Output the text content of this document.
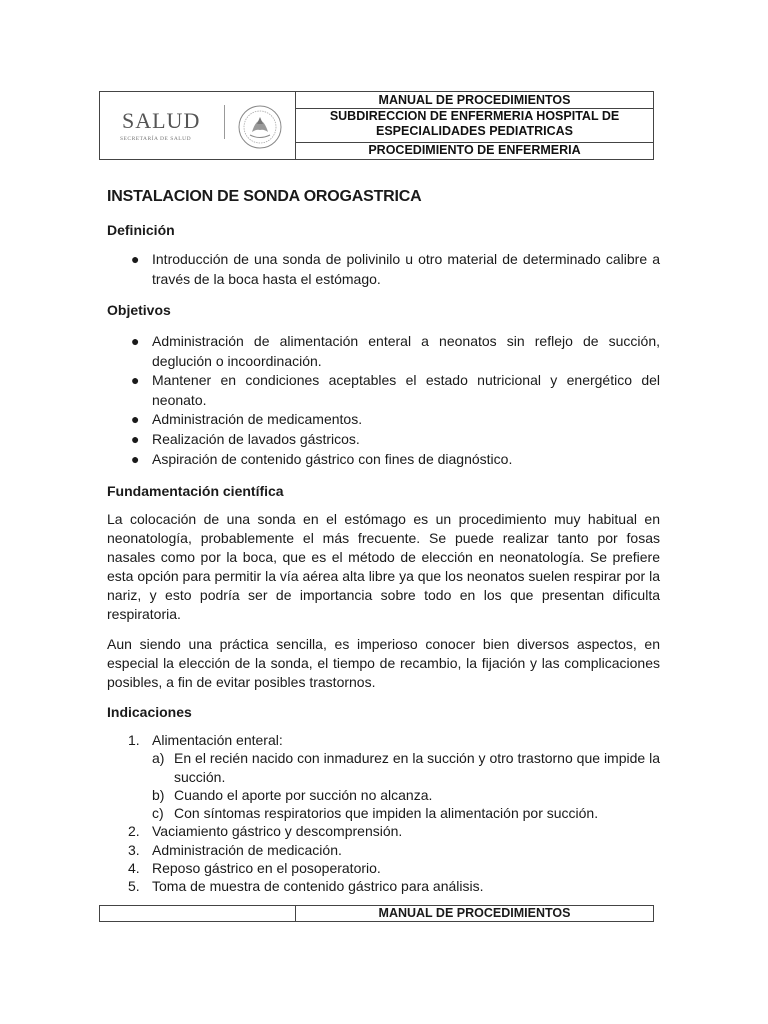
SALUD
SECRETARÍA DE SALUD
MANUAL DE PROCEDIMIENTOS
SUBDIRECCION DE ENFERMERIA HOSPITAL DE
ESPECIALIDADES PEDIATRICAS
PROCEDIMIENTO DE ENFERMERIA
INSTALACION DE SONDA OROGASTRICA
Definición
● Introducción de una sonda de polivinilo u otro material de determinado calibre a través de la boca hasta el estómago.
Objetivos
● Administración de alimentación enteral a neonatos sin reflejo de succión, deglución o incoordinación.
● Mantener en condiciones aceptables el estado nutricional y energético del neonato.
● Administración de medicamentos.
● Realización de lavados gástricos.
● Aspiración de contenido gástrico con fines de diagnóstico.
Fundamentación científica
La colocación de una sonda en el estómago es un procedimiento muy habitual en neonatología, probablemente el más frecuente. Se puede realizar tanto por fosas nasales como por la boca, que es el método de elección en neonatología. Se prefiere esta opción para permitir la vía aérea alta libre ya que los neonatos suelen respirar por la nariz, y esto podría ser de importancia sobre todo en los que presentan dificulta respiratoria.
Aun siendo una práctica sencilla, es imperioso conocer bien diversos aspectos, en especial la elección de la sonda, el tiempo de recambio, la fijación y las complicaciones posibles, a fin de evitar posibles trastornos.
Indicaciones
1. Alimentación enteral:
a) En el recién nacido con inmadurez en la succión y otro trastorno que impide la succión.
b) Cuando el aporte por succión no alcanza.
c) Con síntomas respiratorios que impiden la alimentación por succión.
2. Vaciamiento gástrico y descomprensión.
3. Administración de medicación.
4. Reposo gástrico en el posoperatorio.
5. Toma de muestra de contenido gástrico para análisis.
MANUAL DE PROCEDIMIENTOS
